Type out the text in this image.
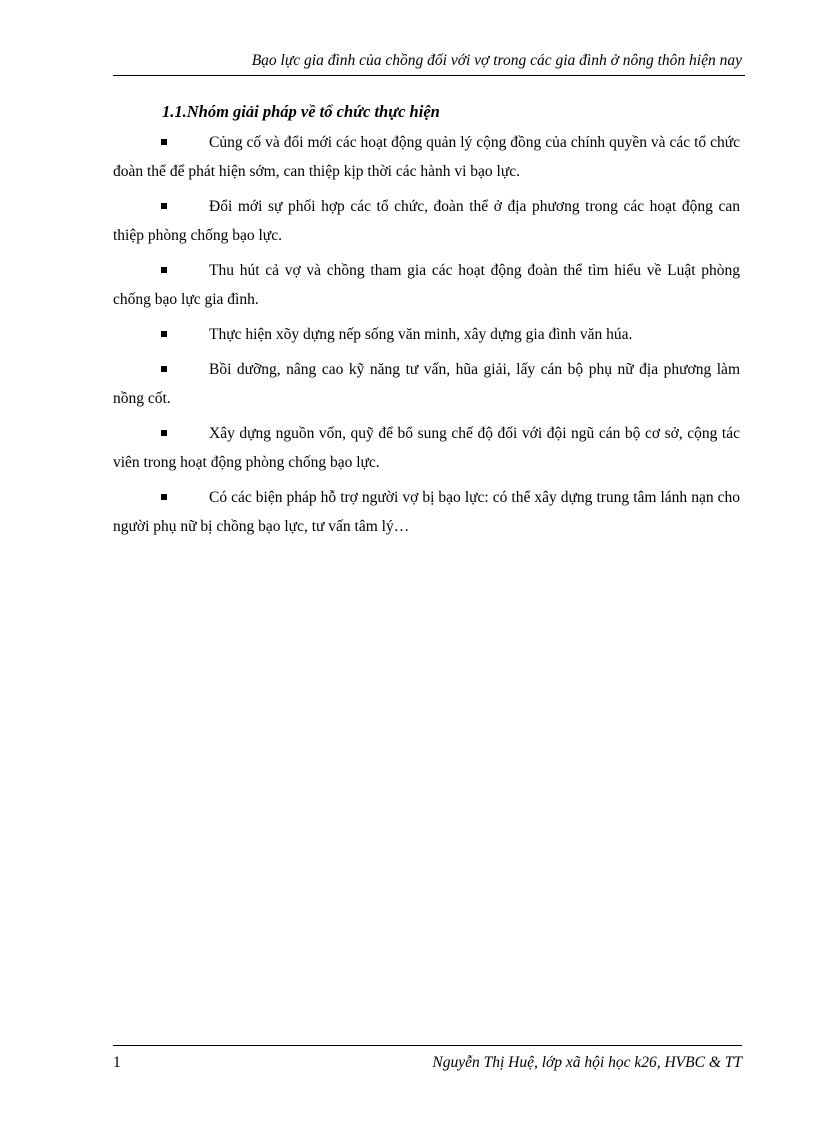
Bạo lực gia đình của chồng đối với vợ trong các gia đình ở nông thôn hiện nay
1.1.Nhóm giải pháp về tổ chức thực hiện
Củng cố và đổi mới các hoạt động quản lý cộng đồng của chính quyền và các tổ chức đoàn thể để phát hiện sớm, can thiệp kịp thời các hành vi bạo lực.
Đổi mới sự phối hợp các tổ chức, đoàn thể ở địa phương trong các hoạt động can thiệp phòng chống bạo lực.
Thu hút cả vợ và chồng tham gia các hoạt động đoàn thể tìm hiểu về Luật phòng chống bạo lực gia đình.
Thực hiện xõy dựng nếp sống văn minh, xây dựng gia đình văn húa.
Bồi dưỡng, nâng cao kỹ năng tư vấn, hũa giải, lấy cán bộ phụ nữ địa phương làm nồng cốt.
Xây dựng nguồn vốn, quỹ để bổ sung chế độ đối với đội ngũ cán bộ cơ sở, cộng tác viên trong hoạt động phòng chống bạo lực.
Có các biện pháp hỗ trợ người vợ bị bạo lực: có thể xây dựng trung tâm lánh nạn cho người phụ nữ bị chồng bạo lực, tư vấn tâm lý…
1	Nguyễn Thị Huệ, lớp xã hội học k26, HVBC & TT
